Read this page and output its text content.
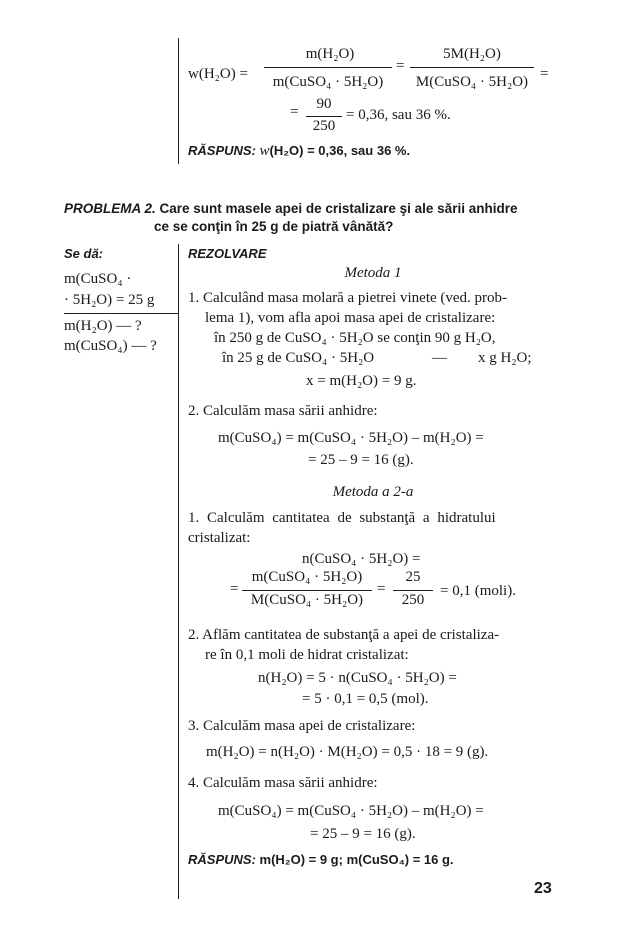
w(H₂O) =
m(H₂O)
m(CuSO₄ · 5H₂O)
=
5M(H₂O)
M(CuSO₄ · 5H₂O) =
=	90
250
= 0,36, sau 36 %.
RĂSPUNS: w(H₂O) = 0,36, sau 36 %.
PROBLEMA 2. Care sunt masele apei de cristalizare şi ale sării anhidre
ce se conţin în 25 g de piatră vânătă?
Se dă:
m(CuSO₄ ·
· 5H₂O) = 25 g
m(H₂O) — ?
m(CuSO₄) — ?
REZOLVARE
Metoda 1
1. Calculând masa molară a pietrei vinete (ved. prob-
lema 1), vom afla apoi masa apei de cristalizare:
în 250 g de CuSO₄ · 5H₂O se conţin 90 g H₂O,
în 25 g de CuSO₄ · 5H₂O	— x g H₂O;
x = m(H₂O) = 9 g.
2. Calculăm masa sării anhidre:
m(CuSO₄) = m(CuSO₄ · 5H₂O) – m(H₂O) =
= 25 – 9 = 16 (g).
Metoda a 2-a
1. Calculăm cantitatea de substanţă a hidratului
cristalizat:
n(CuSO₄ · 5H₂O) =
=
m(CuSO₄ · 5H₂O)
M(CuSO₄ · 5H₂O)
=
25
250
= 0,1 (moli).
2. Aflăm cantitatea de substanţă a apei de cristaliza-
re în 0,1 moli de hidrat cristalizat:
n(H₂O) = 5 · n(CuSO₄ · 5H₂O) =
= 5 · 0,1 = 0,5 (mol).
3. Calculăm masa apei de cristalizare:
m(H₂O) = n(H₂O) · M(H₂O) = 0,5 · 18 = 9 (g).
4. Calculăm masa sării anhidre:
m(CuSO₄) = m(CuSO₄ · 5H₂O) – m(H₂O) =
= 25 – 9 = 16 (g).
RĂSPUNS: m(H₂O) = 9 g; m(CuSO₄) = 16 g.
23
